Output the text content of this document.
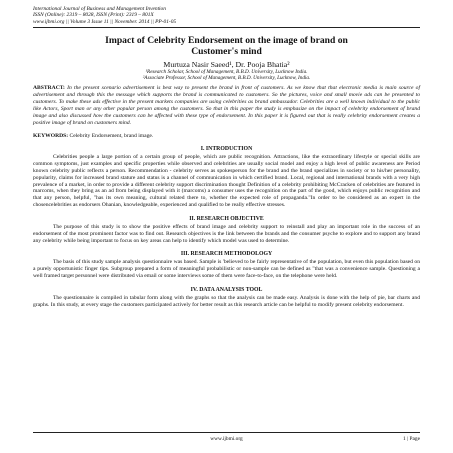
International Journal of Business and Management Invention
ISSN (Online): 2319 – 8028, ISSN (Print): 2319 – 801X
www.ijbmi.org || Volume 3 Issue 11 || November. 2014 || PP-01-05
Impact of Celebrity Endorsement on the image of brand on
Customer's mind
Murtuza Nasir Saeed¹, Dr. Pooja Bhatia²
¹Research Scholar, School of Management, B.B.D. University, Lucknow India.
²Associate Professor, School of Management, B.B.D. University, Lucknow, India.
ABSTRACT: In the present scenario advertisement is best way to present the brand in front of customers. As we know that that electronic media is main source of advertisement and through this the message which supports the brand is communicated to customers. So the pictures, voice and small movie ads can be presented to customers. To make these ads effective in the present markets companies are using celebrities as brand ambassador. Celebrities are a well known individual to the public like Actors, Sport man or any other popular person among the customers. So that in this paper the study is emphasize on the impact of celebrity endorsement of brand image and also discussed how the customers can be affected with these type of endorsement. In this paper it is figured out that is really celebrity endorsement creates a positive image of brand on customers mind.
KEYWORDS: Celebrity Endorsement, brand image.
I. INTRODUCTION
Celebrities people a large portion of a certain group of people, which are public recognition. Attractions, like the extraordinary lifestyle or special skills are common symptoms, just examples and specific properties while observed and celebrities are usually social model and enjoy a high level of public awareness are Period known celebrity public reflects a person. Recommendation - celebrity serves as spokesperson for the brand and the brand specializes in society or to his/her personality, popularity, claims for increased brand stature and status is a channel of communication in which certified brand. Local, regional and international brands with a very high prevalence of a market, in order to provide a different celebrity support discrimination thought Definition of a celebrity prohibiting McCracken of celebrities are featured in marcoms, when they bring as an ad from being displayed with it (marcoms) a consumer uses the recognition on the part of the good, which enjoys public recognition and that any person, helpful, "has its own meaning, cultural related there to, whether the expected role of propaganda."In order to be considered as an expert in the chosencelebrities as endorsers Ohanian, knowledgeable, experienced and qualified to be really effective stresses.
II. RESEARCH OBJECTIVE
The purpose of this study is to show the positive effects of brand image and celebrity support to reinstall and play an important role in the success of an endorsement of the most prominent factor was to find out. Research objectives is the link between the brands and the consumer psyche to explore and to support any brand any celebrity while being important to focus on key areas can help to identify which model was used to determine.
III. RESEARCH METHODOLOGY
The basis of this study sample analysis questionnaire was based. Sample is 'believed to be fairly representative of the population, but even this population based on a purely opportunistic finger tips. Subgroup prepared a form of meaningful probabilistic or non-sample can be defined as "that was a convenience sample. Questioning a well framed target personnel were distributed via email or some interviews some of them were face-to-face, on the telephone were held.
IV. DATA ANALYSIS TOOL
The questionnaire is compiled in tabular form along with the graphs so that the analysis can be made easy. Analysis is done with the help of pie, bar charts and graphs. In this study, at every stage the customers participated actively for better result as this research article can be helpful to modify present celebrity endorsement.
www.ijbmi.org	1 | Page
